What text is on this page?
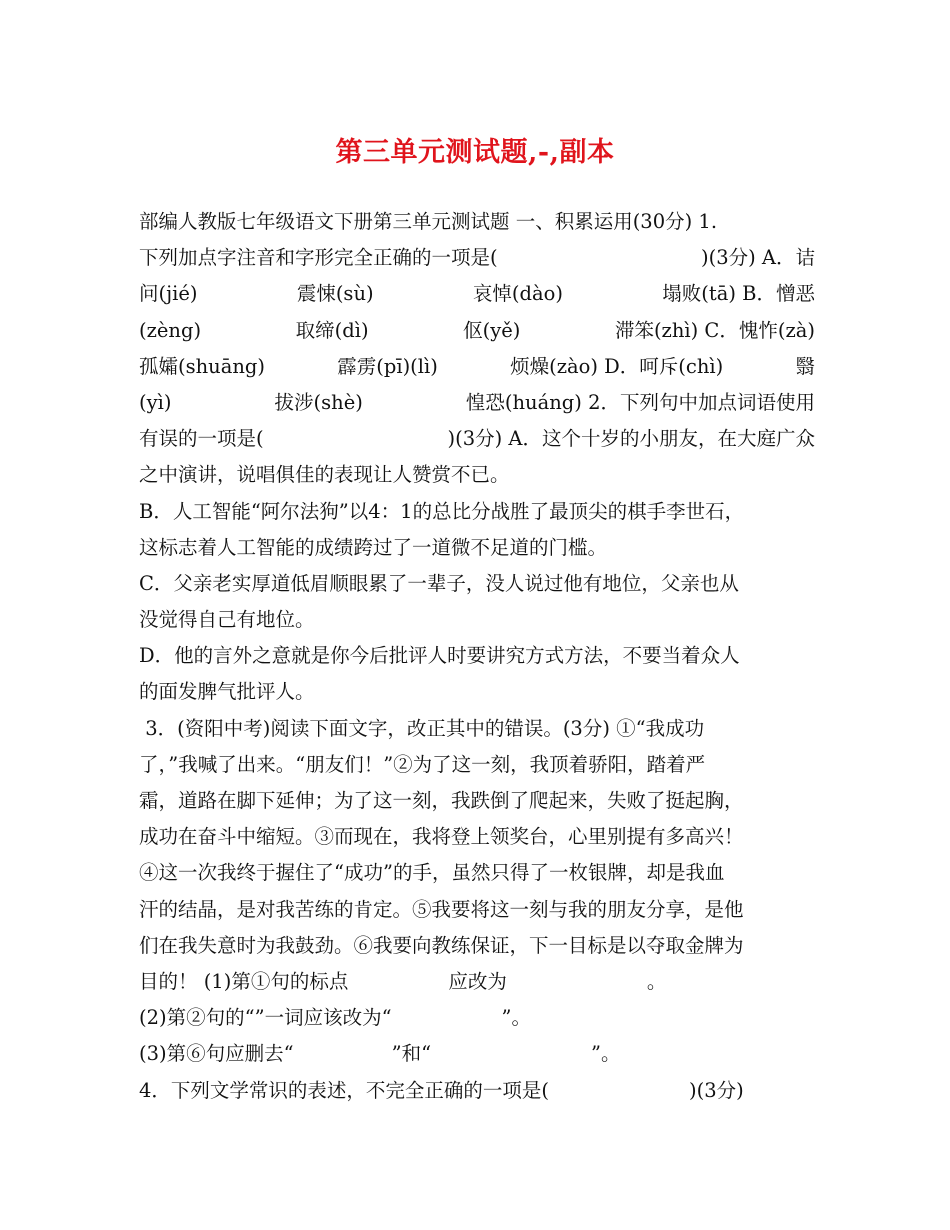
第三单元测试题,-,副本
部编人教版七年级语文下册第三单元测试题 一、积累运用(30分) 1.
下列加点字注音和字形完全正确的一项是(	)(3分) A．诘
问(jié)	震悚(sù)	哀悼(dào)	塌败(tā) B．憎恶
(zèng)	取缔(dì)	伛(yě)	滞笨(zhì) C．愧怍(zà)
孤孀(shuāng)	霹雳(pī)(lì)	烦燥(zào) D．呵斥(chì)	翳
(yì)	拔涉(shè)	惶恐(huáng) 2．下列句中加点词语使用
有误的一项是(	)(3分) A．这个十岁的小朋友，在大庭广众
之中演讲，说唱俱佳的表现让人赞赏不已。
B．人工智能“阿尔法狗”以4：1的总比分战胜了最顶尖的棋手李世石，
这标志着人工智能的成绩跨过了一道微不足道的门槛。
C．父亲老实厚道低眉顺眼累了一辈子，没人说过他有地位，父亲也从
没觉得自己有地位。
D．他的言外之意就是你今后批评人时要讲究方式方法，不要当着众人
的面发脾气批评人。
3．(资阳中考)阅读下面文字，改正其中的错误。(3分) ①“我成功
了，”我喊了出来。“朋友们！”②为了这一刻，我顶着骄阳，踏着严
霜，道路在脚下延伸；为了这一刻，我跌倒了爬起来，失败了挺起胸，
成功在奋斗中缩短。③而现在，我将登上领奖台，心里别提有多高兴！
④这一次我终于握住了“成功”的手，虽然只得了一枚银牌，却是我血
汗的结晶，是对我苦练的肯定。⑤我要将这一刻与我的朋友分享，是他
们在我失意时为我鼓劲。⑥我要向教练保证，下一目标是以夺取金牌为
目的！ (1)第①句的标点	应改为	。
(2)第②句的“ ”一词应该改为“	”。
(3)第⑥句应删去“	”和“	”。
4．下列文学常识的表述，不完全正确的一项是(	)(3分)
